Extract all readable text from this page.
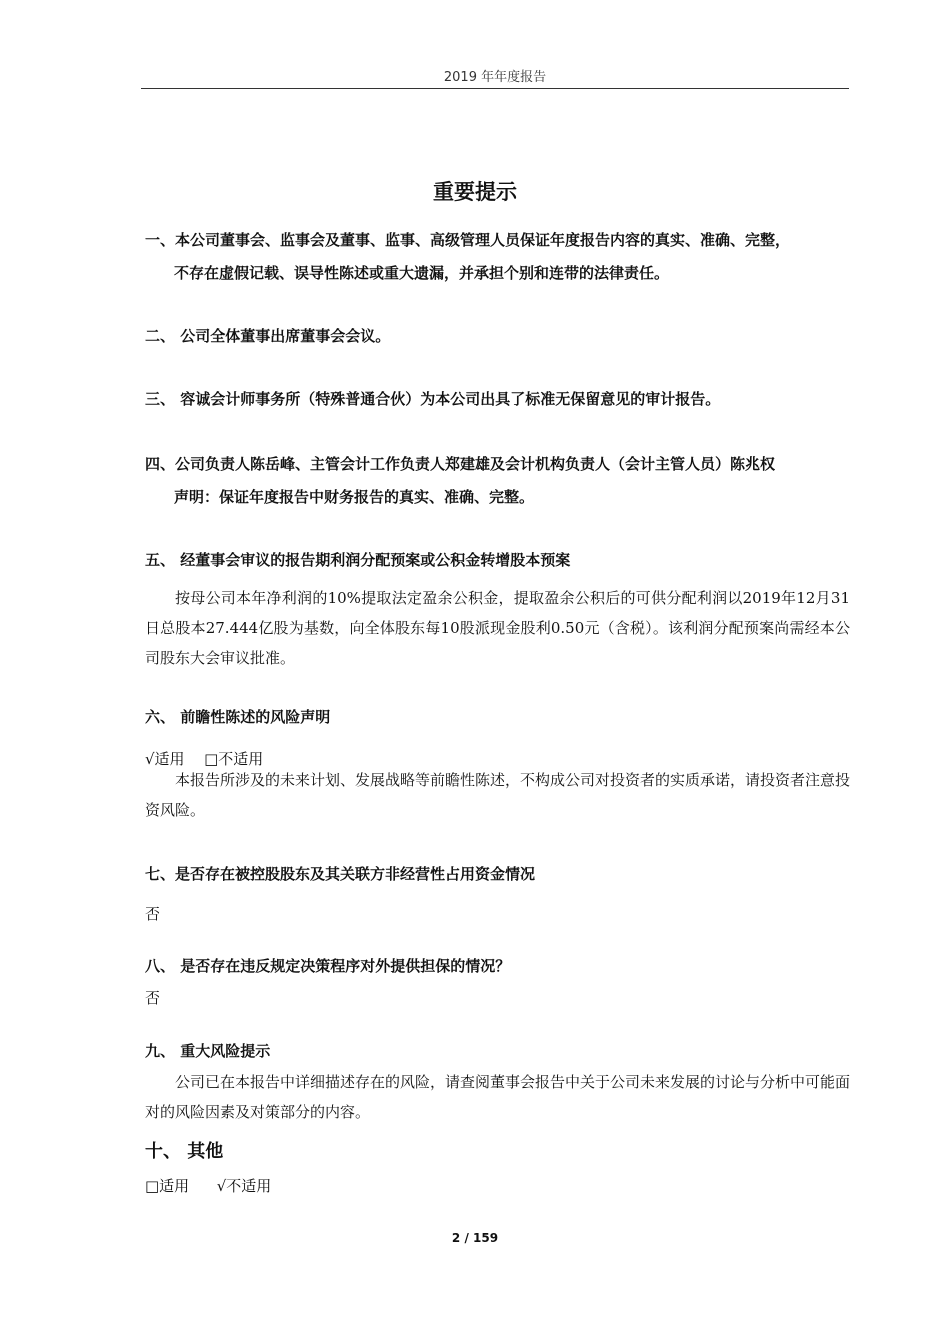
2019 年年度报告
重要提示
一、本公司董事会、监事会及董事、监事、高级管理人员保证年度报告内容的真实、准确、完整，
不存在虚假记载、误导性陈述或重大遗漏，并承担个别和连带的法律责任。
二、 公司全体董事出席董事会会议。
三、 容诚会计师事务所（特殊普通合伙）为本公司出具了标准无保留意见的审计报告。
四、公司负责人陈岳峰、主管会计工作负责人郑建雄及会计机构负责人（会计主管人员）陈兆权
声明：保证年度报告中财务报告的真实、准确、完整。
五、 经董事会审议的报告期利润分配预案或公积金转增股本预案
按母公司本年净利润的10%提取法定盈余公积金，提取盈余公积后的可供分配利润以2019年12月31日总股本27.444亿股为基数，向全体股东每10股派现金股利0.50元（含税）。该利润分配预案尚需经本公司股东大会审议批准。
六、 前瞻性陈述的风险声明
√适用 □不适用
本报告所涉及的未来计划、发展战略等前瞻性陈述，不构成公司对投资者的实质承诺，请投资者注意投资风险。
七、是否存在被控股股东及其关联方非经营性占用资金情况
否
八、 是否存在违反规定决策程序对外提供担保的情况？
否
九、 重大风险提示
公司已在本报告中详细描述存在的风险，请查阅董事会报告中关于公司未来发展的讨论与分析中可能面对的风险因素及对策部分的内容。
十、 其他
□适用 √不适用
2 / 159
